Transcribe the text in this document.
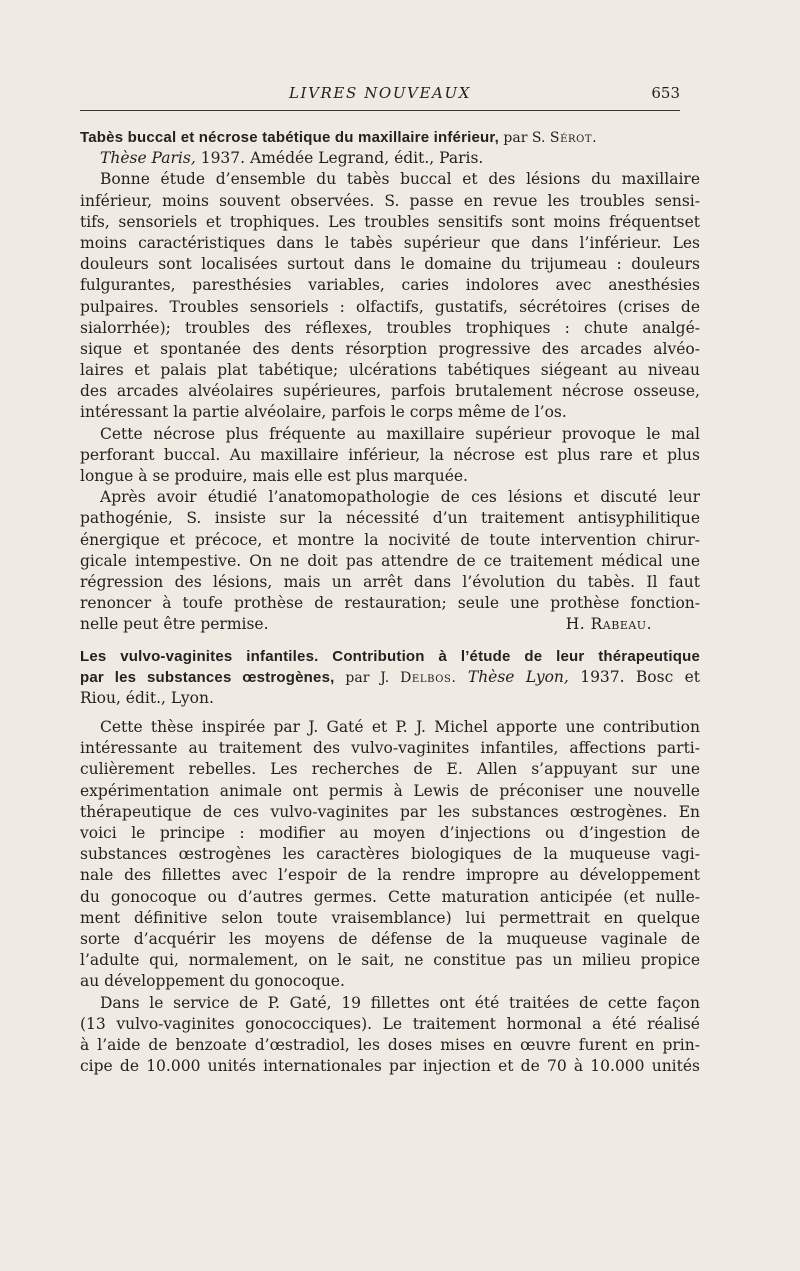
LIVRES NOUVEAUX	653
Tabès buccal et nécrose tabétique du maxillaire inférieur, par S. Sérot.
Thèse Paris, 1937. Amédée Legrand, édit., Paris.
Bonne étude d’ensemble du tabès buccal et des lésions du maxillaire
inférieur, moins souvent observées. S. passe en revue les troubles sensi-
tifs, sensoriels et trophiques. Les troubles sensitifs sont moins fréquentset
moins caractéristiques dans le tabès supérieur que dans l’inférieur. Les
douleurs sont localisées surtout dans le domaine du trijumeau : douleurs
fulgurantes, paresthésies variables, caries indolores avec anesthésies
pulpaires. Troubles sensoriels : olfactifs, gustatifs, sécrétoires (crises de
sialorrhée); troubles des réflexes, troubles trophiques : chute analgé-
sique et spontanée des dents résorption progressive des arcades alvéo-
laires et palais plat tabétique; ulcérations tabétiques siégeant au niveau
des arcades alvéolaires supérieures, parfois brutalement nécrose osseuse,
intéressant la partie alvéolaire, parfois le corps même de l’os.
Cette nécrose plus fréquente au maxillaire supérieur provoque le mal
perforant buccal. Au maxillaire inférieur, la nécrose est plus rare et plus
longue à se produire, mais elle est plus marquée.
Après avoir étudié l’anatomopathologie de ces lésions et discuté leur
pathogénie, S. insiste sur la nécessité d’un traitement antisyphilitique
énergique et précoce, et montre la nocivité de toute intervention chirur-
gicale intempestive. On ne doit pas attendre de ce traitement médical une
régression des lésions, mais un arrêt dans l’évolution du tabès. Il faut
renoncer à toufe prothèse de restauration; seule une prothèse fonction-
nelle peut être permise.	H. Rabeau.
Les vulvo-vaginites infantiles. Contribution à l’étude de leur thérapeutique
par les substances œstrogènes, par J. Delbos. Thèse Lyon, 1937. Bosc et
Riou, édit., Lyon.
Cette thèse inspirée par J. Gaté et P. J. Michel apporte une contribution
intéressante au traitement des vulvo-vaginites infantiles, affections parti-
culièrement rebelles. Les recherches de E. Allen s’appuyant sur une
expérimentation animale ont permis à Lewis de préconiser une nouvelle
thérapeutique de ces vulvo-vaginites par les substances œstrogènes. En
voici le principe : modifier au moyen d’injections ou d’ingestion de
substances œstrogènes les caractères biologiques de la muqueuse vagi-
nale des fillettes avec l’espoir de la rendre impropre au développement
du gonocoque ou d’autres germes. Cette maturation anticipée (et nulle-
ment définitive selon toute vraisemblance) lui permettrait en quelque
sorte d’acquérir les moyens de défense de la muqueuse vaginale de
l’adulte qui, normalement, on le sait, ne constitue pas un milieu propice
au développement du gonocoque.
Dans le service de P. Gaté, 19 fillettes ont été traitées de cette façon
(13 vulvo-vaginites gonococciques). Le traitement hormonal a été réalisé
à l’aide de benzoate d’œstradiol, les doses mises en œuvre furent en prin-
cipe de 10.000 unités internationales par injection et de 70 à 10.000 unités
